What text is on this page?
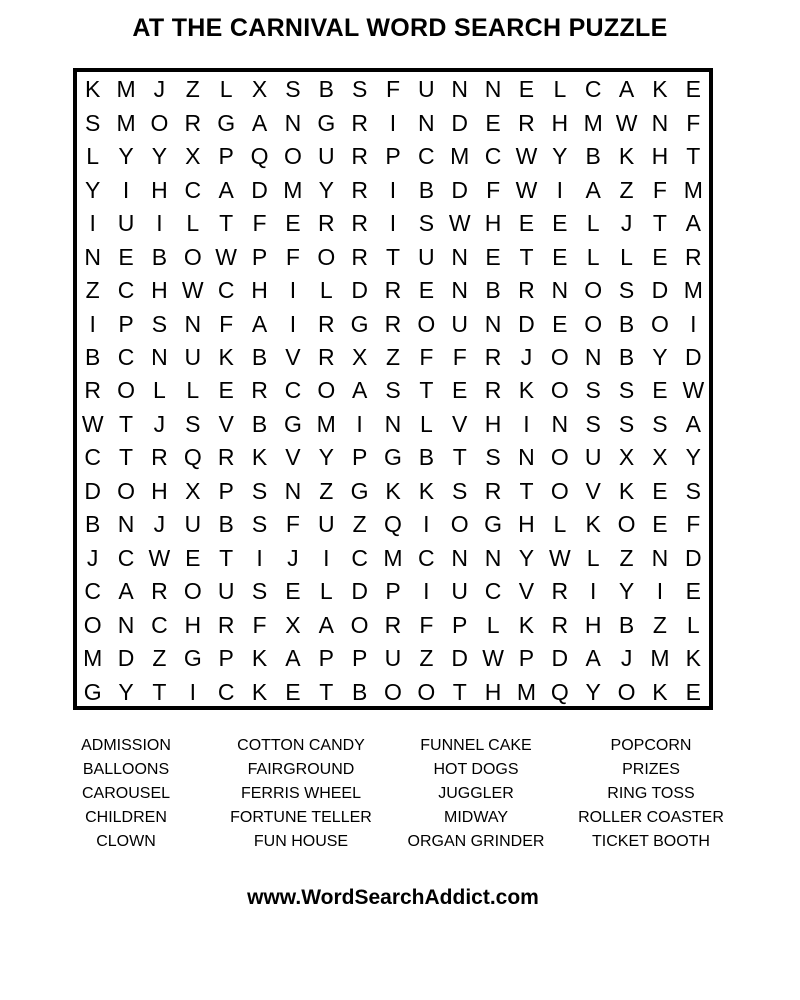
AT THE CARNIVAL WORD SEARCH PUZZLE
K M J Z L X S B S F U N N E L C A K E
S M O R G A N G R I N D E R H M W N F
L Y Y X P Q O U R P C M C W Y B K H T
Y I H C A D M Y R I B D F W I A Z F M
I U I	L T F E R R I S W H E E L J T A
N E B O W P F O R T U N E T E L L E R
Z C H W C H I	L D R E N B R N O S D M
I P S N F A I R G R O U N D E O B O I
B C N U K B V R X Z F F R J O N B Y D
R O L L E R C O A S T E R K O S S E W
W T J S V B G M I N L V H I N S S S A
C T R Q R K V Y P G B T S N O U X X Y
D O H X P S N Z G K K S R T O V K E S
B N J U B S F U Z Q I O G H L K O E F
J C W E T	I	J	I C M C N N Y W L Z N D
C A R O U S E L D P I U C V R I Y I E
O N C H R F X A O R F P L K R H B Z L
M D Z G P K A P P U Z D W P D A J M K
G Y T	I C K E T B O O T H M Q Y O K E
ADMISSION
BALLOONS
CAROUSEL
CHILDREN
CLOWN
COTTON CANDY
FAIRGROUND
FERRIS WHEEL
FORTUNE TELLER
FUN HOUSE
FUNNEL CAKE
HOT DOGS
JUGGLER
MIDWAY
ORGAN GRINDER
POPCORN
PRIZES
RING TOSS
ROLLER COASTER
TICKET BOOTH
www.WordSearchAddict.com
